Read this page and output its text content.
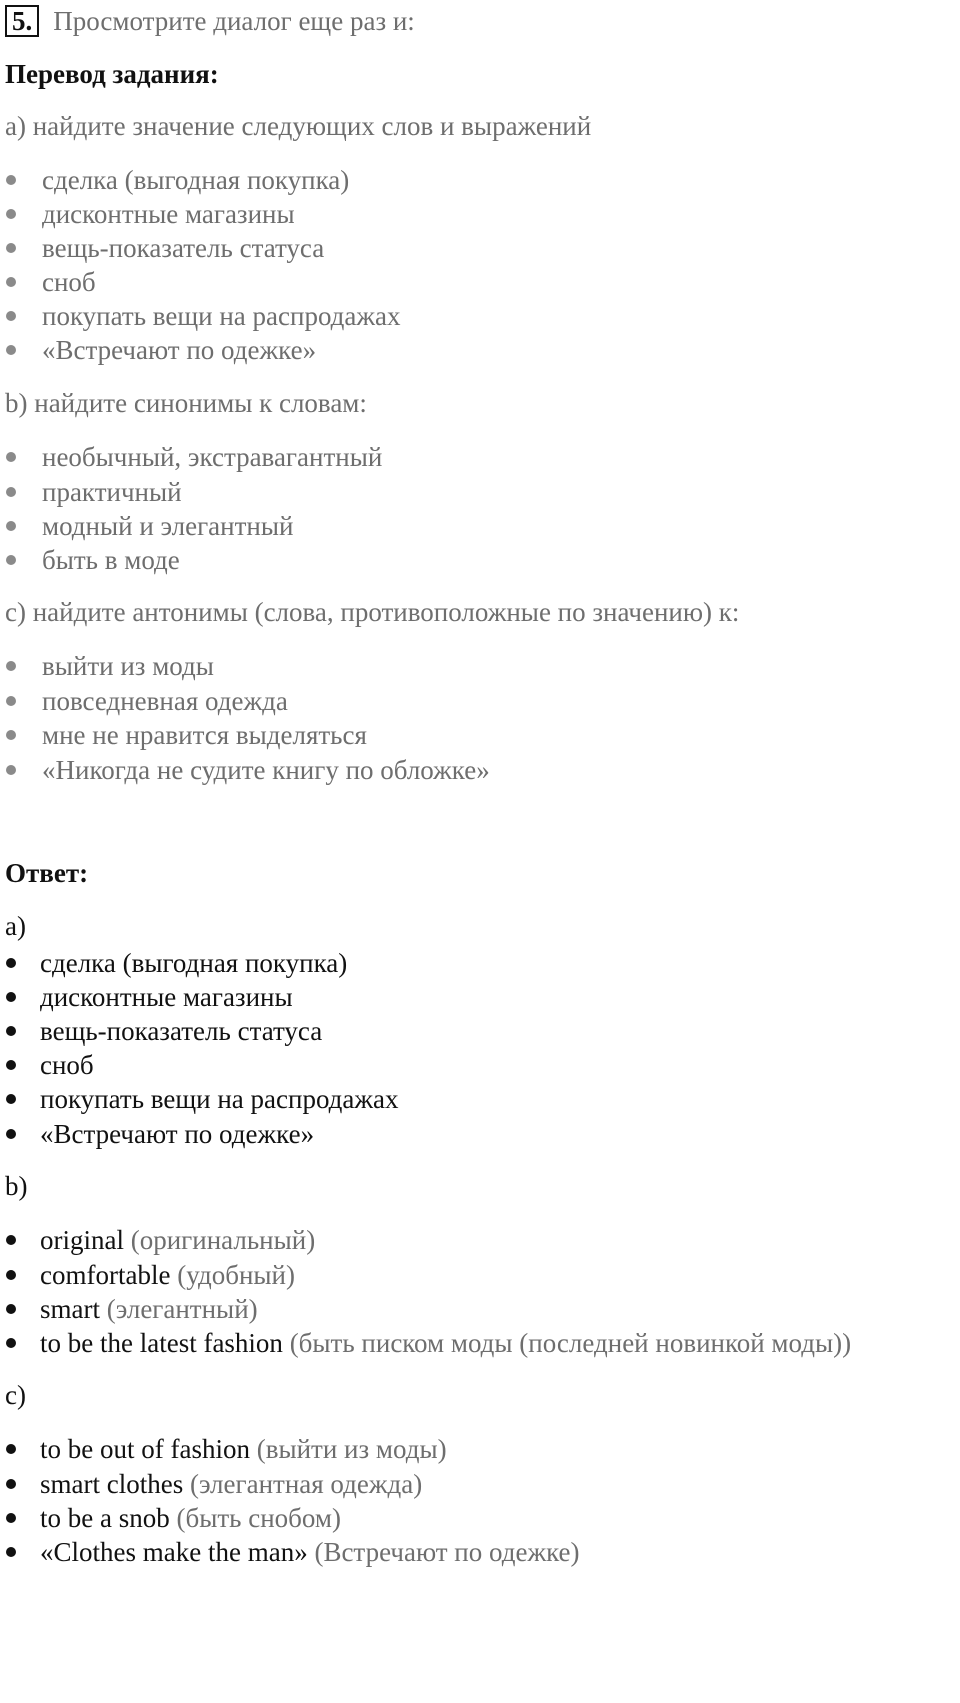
5. Просмотрите диалог еще раз и:
Перевод задания:
а) найдите значение следующих слов и выражений
сделка (выгодная покупка)
дисконтные магазины
вещь-показатель статуса
сноб
покупать вещи на распродажах
«Встречают по одежке»
b) найдите синонимы к словам:
необычный, экстравагантный
практичный
модный и элегантный
быть в моде
с) найдите антонимы (слова, противоположные по значению) к:
выйти из моды
повседневная одежда
мне не нравится выделяться
«Никогда не судите книгу по обложке»
Ответ:
a)
сделка (выгодная покупка)
дисконтные магазины
вещь-показатель статуса
сноб
покупать вещи на распродажах
«Встречают по одежке»
b)
original (оригинальный)
comfortable (удобный)
smart (элегантный)
to be the latest fashion (быть писком моды (последней новинкой моды))
c)
to be out of fashion (выйти из моды)
smart clothes (элегантная одежда)
to be a snob (быть снобом)
«Clothes make the man» (Встречают по одежке)
